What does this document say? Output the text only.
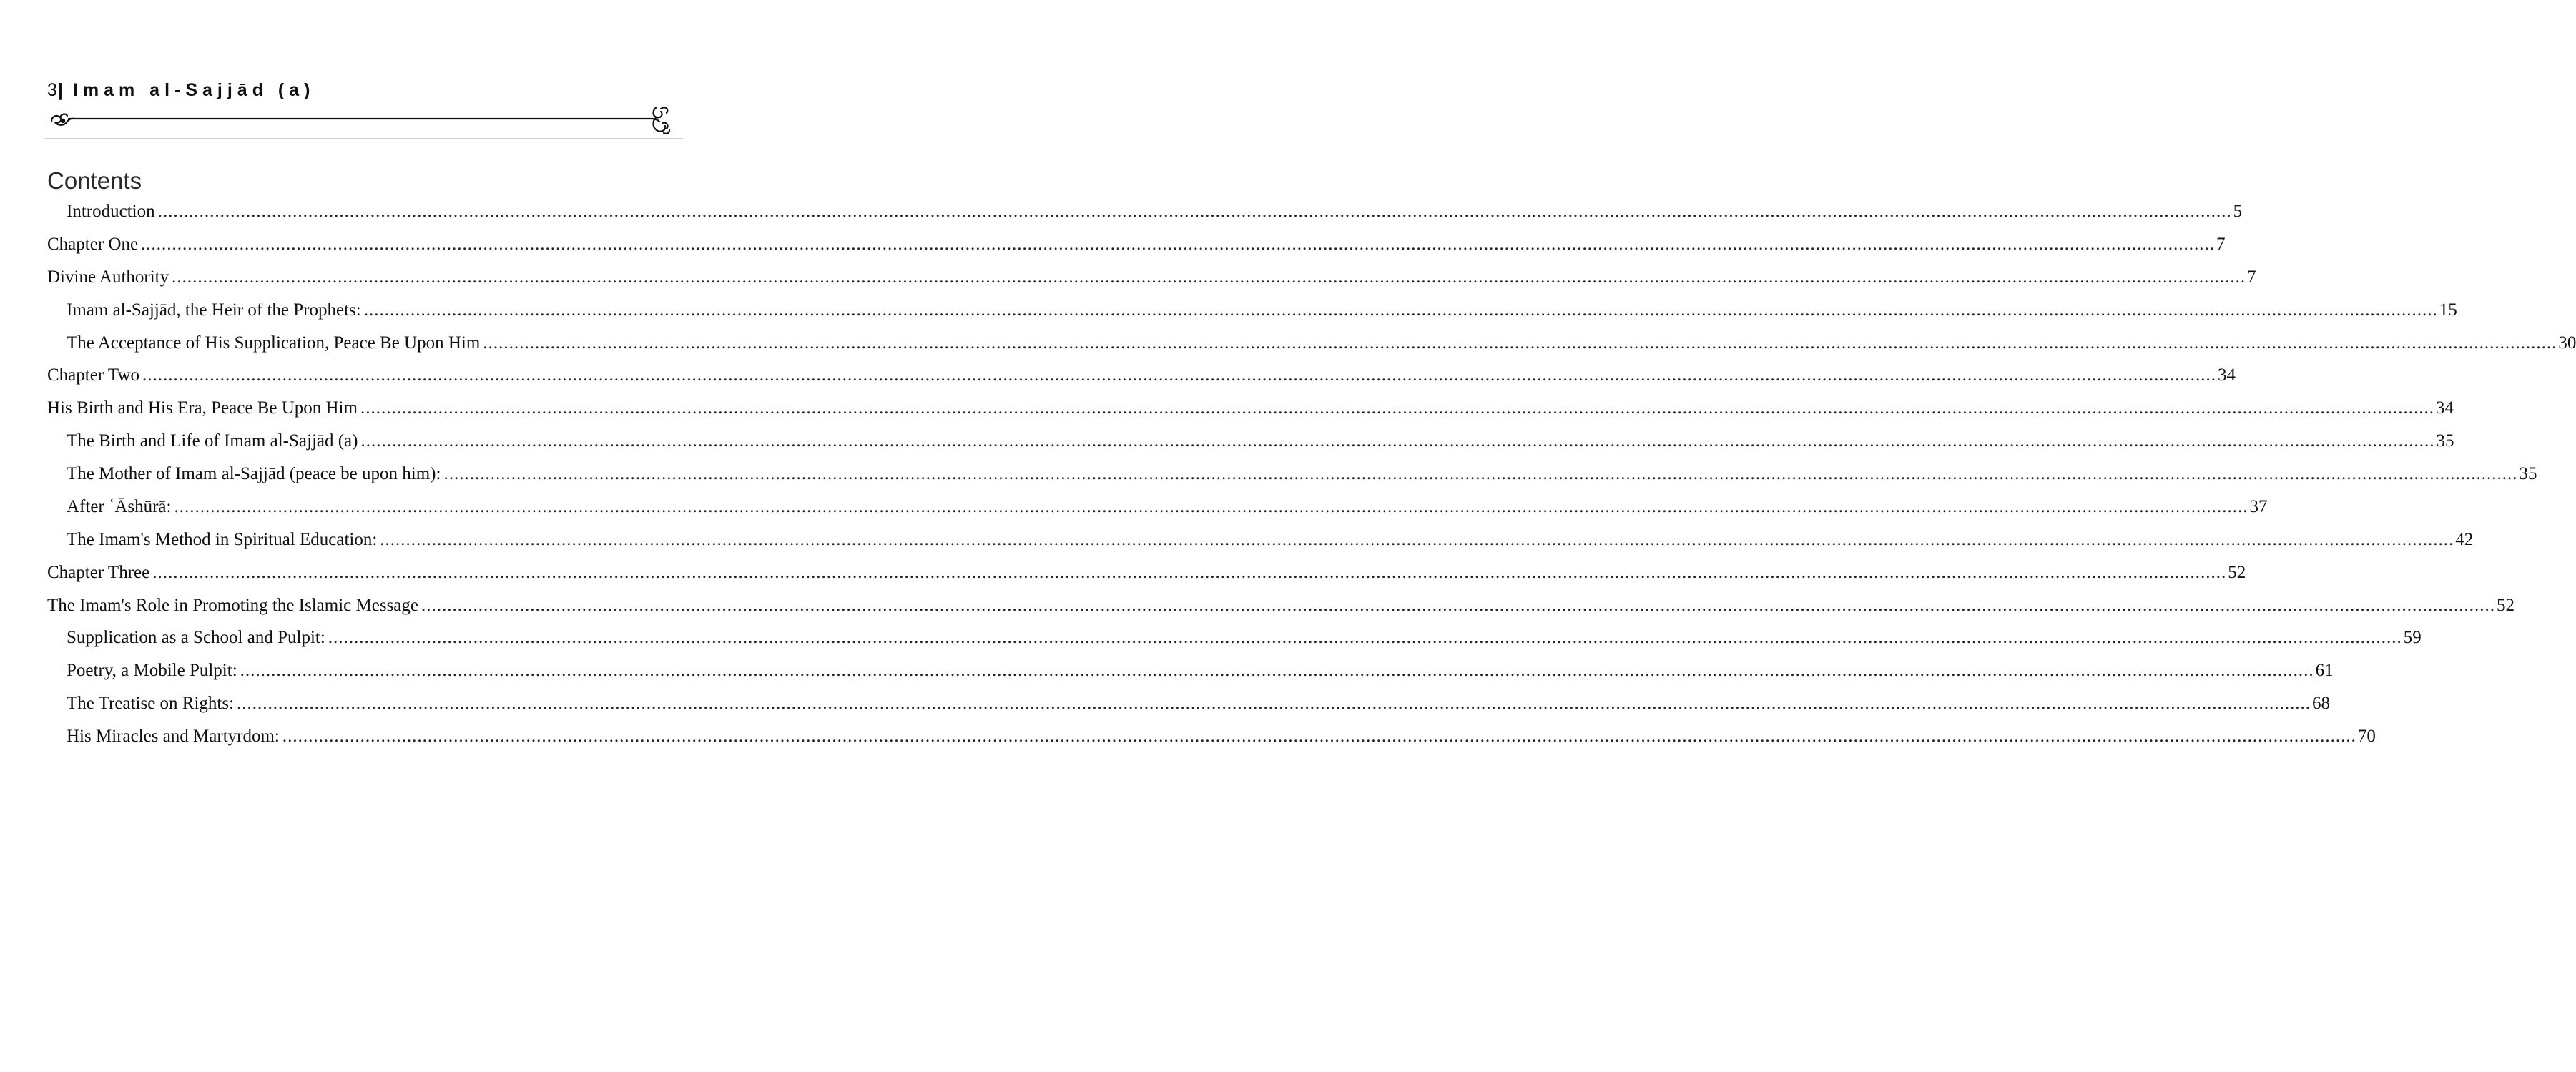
3| Imam al-Sajjād (a)
Contents
Introduction ................................................................................................................................................................................................................................................................................................................................................................................................................ 5
Chapter One ................................................................................................................................................................................................................................................................................................................................................................................................................ 7
Divine Authority ................................................................................................................................................................................................................................................................................................................................................................................................................ 7
Imam al-Sajjād, the Heir of the Prophets: ................................................................................................................................................................................................................................................................................................................................................................................................................ 15
The Acceptance of His Supplication, Peace Be Upon Him ................................................................................................................................................................................................................................................................................................................................................................................................................ 30
Chapter Two ................................................................................................................................................................................................................................................................................................................................................................................................................ 34
His Birth and His Era, Peace Be Upon Him ................................................................................................................................................................................................................................................................................................................................................................................................................ 34
The Birth and Life of Imam al-Sajjād (a) ................................................................................................................................................................................................................................................................................................................................................................................................................ 35
The Mother of Imam al-Sajjād (peace be upon him): ................................................................................................................................................................................................................................................................................................................................................................................................................ 35
After ʿĀshūrā: ................................................................................................................................................................................................................................................................................................................................................................................................................ 37
The Imam's Method in Spiritual Education: ................................................................................................................................................................................................................................................................................................................................................................................................................ 42
Chapter Three ................................................................................................................................................................................................................................................................................................................................................................................................................ 52
The Imam's Role in Promoting the Islamic Message ................................................................................................................................................................................................................................................................................................................................................................................................................ 52
Supplication as a School and Pulpit: ................................................................................................................................................................................................................................................................................................................................................................................................................ 59
Poetry, a Mobile Pulpit: ................................................................................................................................................................................................................................................................................................................................................................................................................ 61
The Treatise on Rights: ................................................................................................................................................................................................................................................................................................................................................................................................................ 68
His Miracles and Martyrdom: ................................................................................................................................................................................................................................................................................................................................................................................................................ 70
